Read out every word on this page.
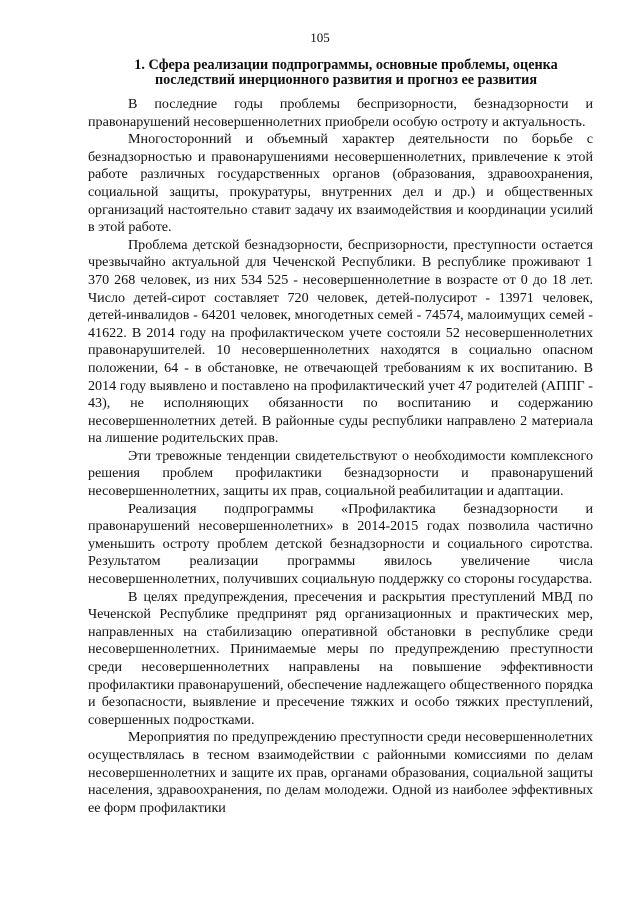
105
1. Сфера реализации подпрограммы, основные проблемы, оценка последствий инерционного развития и прогноз ее развития

В последние годы проблемы беспризорности, безнадзорности и правонарушений несовершеннолетних приобрели особую остроту и актуальность.

Многосторонний и объемный характер деятельности по борьбе с безнадзорностью и правонарушениями несовершеннолетних, привлечение к этой работе различных государственных органов (образования, здравоохранения, социальной защиты, прокуратуры, внутренних дел и др.) и общественных организаций настоятельно ставит задачу их взаимодействия и координации усилий в этой работе.

Проблема детской безнадзорности, беспризорности, преступности остается чрезвычайно актуальной для Чеченской Республики. В республике проживают 1 370 268 человек, из них 534 525 - несовершеннолетние в возрасте от 0 до 18 лет. Число детей-сирот составляет 720 человек, детей-полусирот - 13971 человек, детей-инвалидов - 64201 человек, многодетных семей - 74574, малоимущих семей - 41622. В 2014 году на профилактическом учете состояли 52 несовершеннолетних правонарушителей. 10 несовершеннолетних находятся в социально опасном положении, 64 - в обстановке, не отвечающей требованиям к их воспитанию. В 2014 году выявлено и поставлено на профилактический учет 47 родителей (АППГ - 43), не исполняющих обязанности по воспитанию и содержанию несовершеннолетних детей. В районные суды республики направлено 2 материала на лишение родительских прав.

Эти тревожные тенденции свидетельствуют о необходимости комплексного решения проблем профилактики безнадзорности и правонарушений несовершеннолетних, защиты их прав, социальной реабилитации и адаптации.

Реализация подпрограммы «Профилактика безнадзорности и правонарушений несовершеннолетних» в 2014-2015 годах позволила частично уменьшить остроту проблем детской безнадзорности и социального сиротства. Результатом реализации программы явилось увеличение числа несовершеннолетних, получивших социальную поддержку со стороны государства.

В целях предупреждения, пресечения и раскрытия преступлений МВД по Чеченской Республике предпринят ряд организационных и практических мер, направленных на стабилизацию оперативной обстановки в республике среди несовершеннолетних. Принимаемые меры по предупреждению преступности среди несовершеннолетних направлены на повышение эффективности профилактики правонарушений, обеспечение надлежащего общественного порядка и безопасности, выявление и пресечение тяжких и особо тяжких преступлений, совершенных подростками.

Мероприятия по предупреждению преступности среди несовершеннолетних осуществлялась в тесном взаимодействии с районными комиссиями по делам несовершеннолетних и защите их прав, органами образования, социальной защиты населения, здравоохранения, по делам молодежи. Одной из наиболее эффективных ее форм профилактики
